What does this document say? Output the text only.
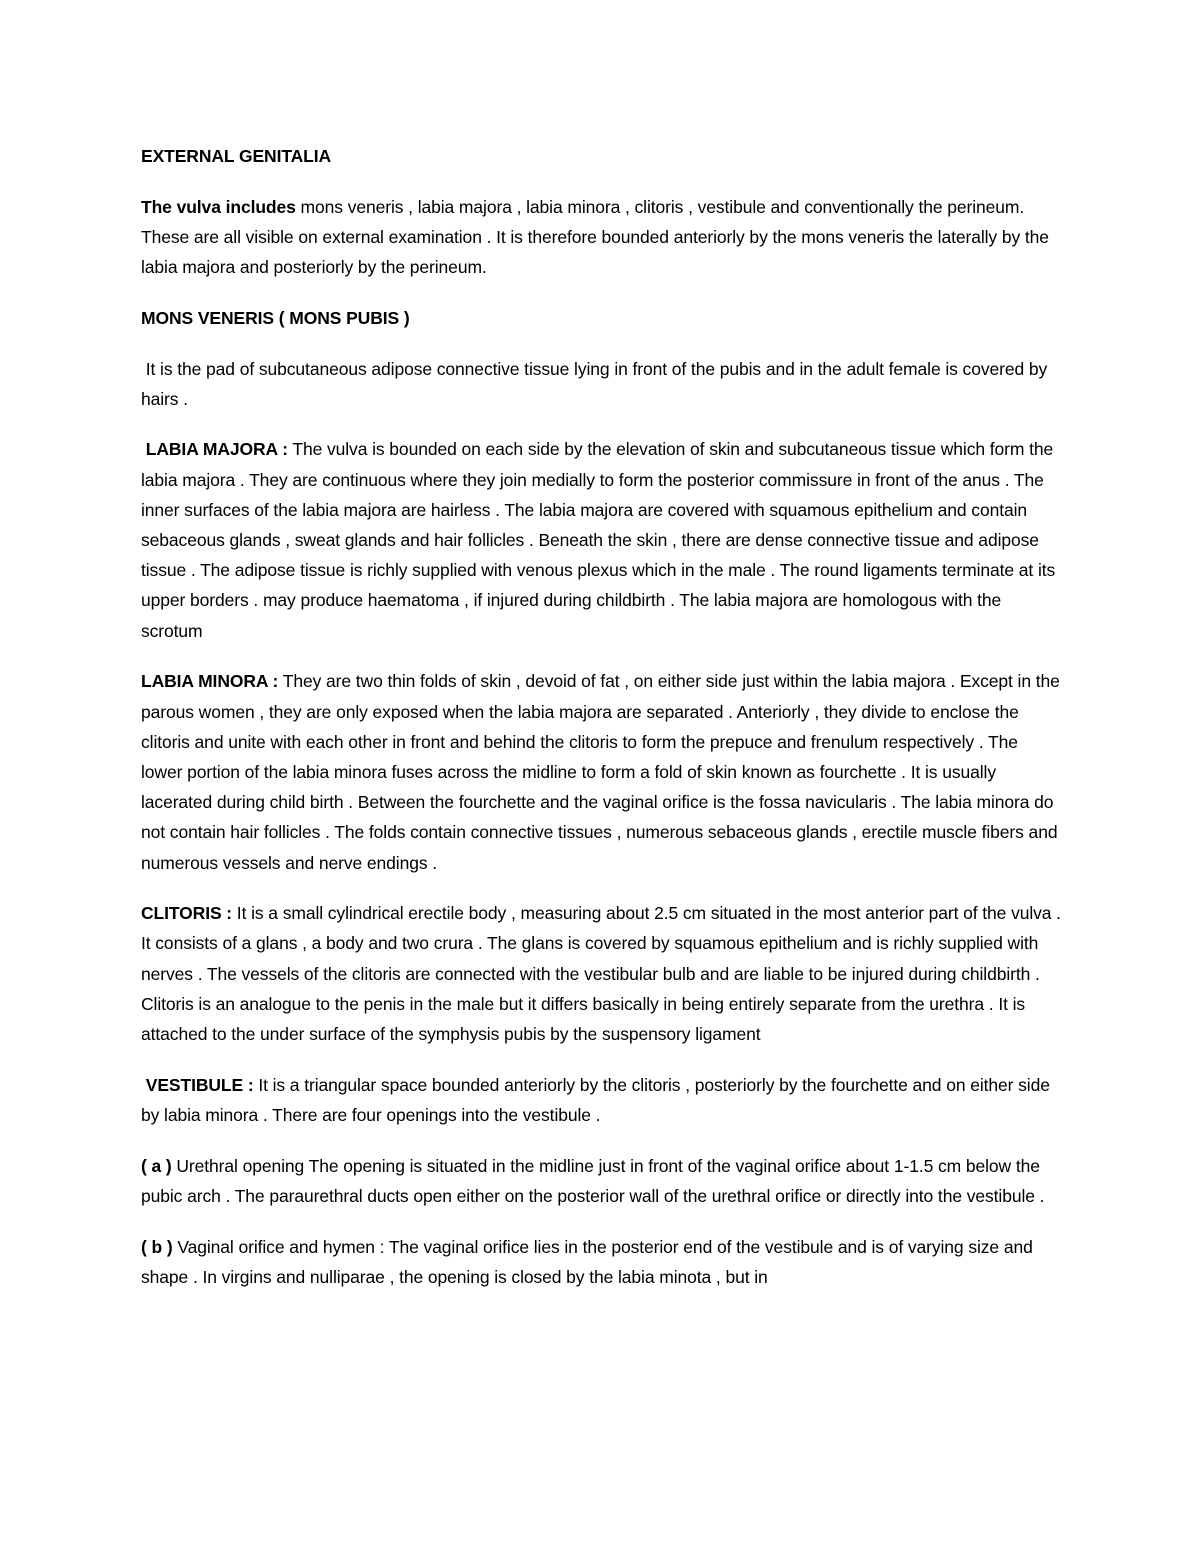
EXTERNAL GENITALIA

The vulva includes mons veneris , labia majora , labia minora , clitoris , vestibule and conventionally the perineum. These are all visible on external examination . It is therefore bounded anteriorly by the mons veneris the laterally by the labia majora and posteriorly by the perineum.

MONS VENERIS ( MONS PUBIS )

It is the pad of subcutaneous adipose connective tissue lying in front of the pubis and in the adult female is covered by hairs .

LABIA MAJORA : The vulva is bounded on each side by the elevation of skin and subcutaneous tissue which form the labia majora . They are continuous where they join medially to form the posterior commissure in front of the anus . The inner surfaces of the labia majora are hairless . The labia majora are covered with squamous epithelium and contain sebaceous glands , sweat glands and hair follicles . Beneath the skin , there are dense connective tissue and adipose tissue . The adipose tissue is richly supplied with venous plexus which in the male . The round ligaments terminate at its upper borders . may produce haematoma , if injured during childbirth . The labia majora are homologous with the scrotum

LABIA MINORA : They are two thin folds of skin , devoid of fat , on either side just within the labia majora . Except in the parous women , they are only exposed when the labia majora are separated . Anteriorly , they divide to enclose the clitoris and unite with each other in front and behind the clitoris to form the prepuce and frenulum respectively . The lower portion of the labia minora fuses across the midline to form a fold of skin known as fourchette . It is usually lacerated during child birth . Between the fourchette and the vaginal orifice is the fossa navicularis . The labia minora do not contain hair follicles . The folds contain connective tissues , numerous sebaceous glands , erectile muscle fibers and numerous vessels and nerve endings .

CLITORIS : It is a small cylindrical erectile body , measuring about 2.5 cm situated in the most anterior part of the vulva . It consists of a glans , a body and two crura . The glans is covered by squamous epithelium and is richly supplied with nerves . The vessels of the clitoris are connected with the vestibular bulb and are liable to be injured during childbirth . Clitoris is an analogue to the penis in the male but it differs basically in being entirely separate from the urethra . It is attached to the under surface of the symphysis pubis by the suspensory ligament

VESTIBULE : It is a triangular space bounded anteriorly by the clitoris , posteriorly by the fourchette and on either side by labia minora . There are four openings into the vestibule .

( a ) Urethral opening The opening is situated in the midline just in front of the vaginal orifice about 1-1.5 cm below the pubic arch . The paraurethral ducts open either on the posterior wall of the urethral orifice or directly into the vestibule .

( b ) Vaginal orifice and hymen : The vaginal orifice lies in the posterior end of the vestibule and is of varying size and shape . In virgins and nulliparae , the opening is closed by the labia minota , but in
